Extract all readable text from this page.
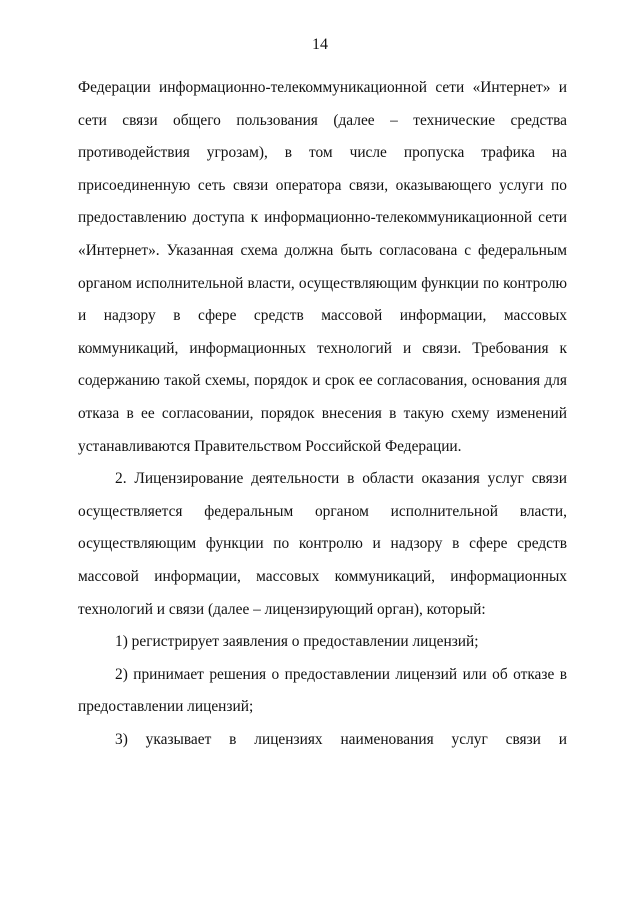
14

Федерации информационно-телекоммуникационной сети «Интернет» и сети связи общего пользования (далее – технические средства противодействия угрозам), в том числе пропуска трафика на присоединенную сеть связи оператора связи, оказывающего услуги по предоставлению доступа к информационно-телекоммуникационной сети «Интернет». Указанная схема должна быть согласована с федеральным органом исполнительной власти, осуществляющим функции по контролю и надзору в сфере средств массовой информации, массовых коммуникаций, информационных технологий и связи. Требования к содержанию такой схемы, порядок и срок ее согласования, основания для отказа в ее согласовании, порядок внесения в такую схему изменений устанавливаются Правительством Российской Федерации.

2. Лицензирование деятельности в области оказания услуг связи осуществляется федеральным органом исполнительной власти, осуществляющим функции по контролю и надзору в сфере средств массовой информации, массовых коммуникаций, информационных технологий и связи (далее – лицензирующий орган), который:

1) регистрирует заявления о предоставлении лицензий;

2) принимает решения о предоставлении лицензий или об отказе в предоставлении лицензий;

3) указывает в лицензиях наименования услуг связи и
